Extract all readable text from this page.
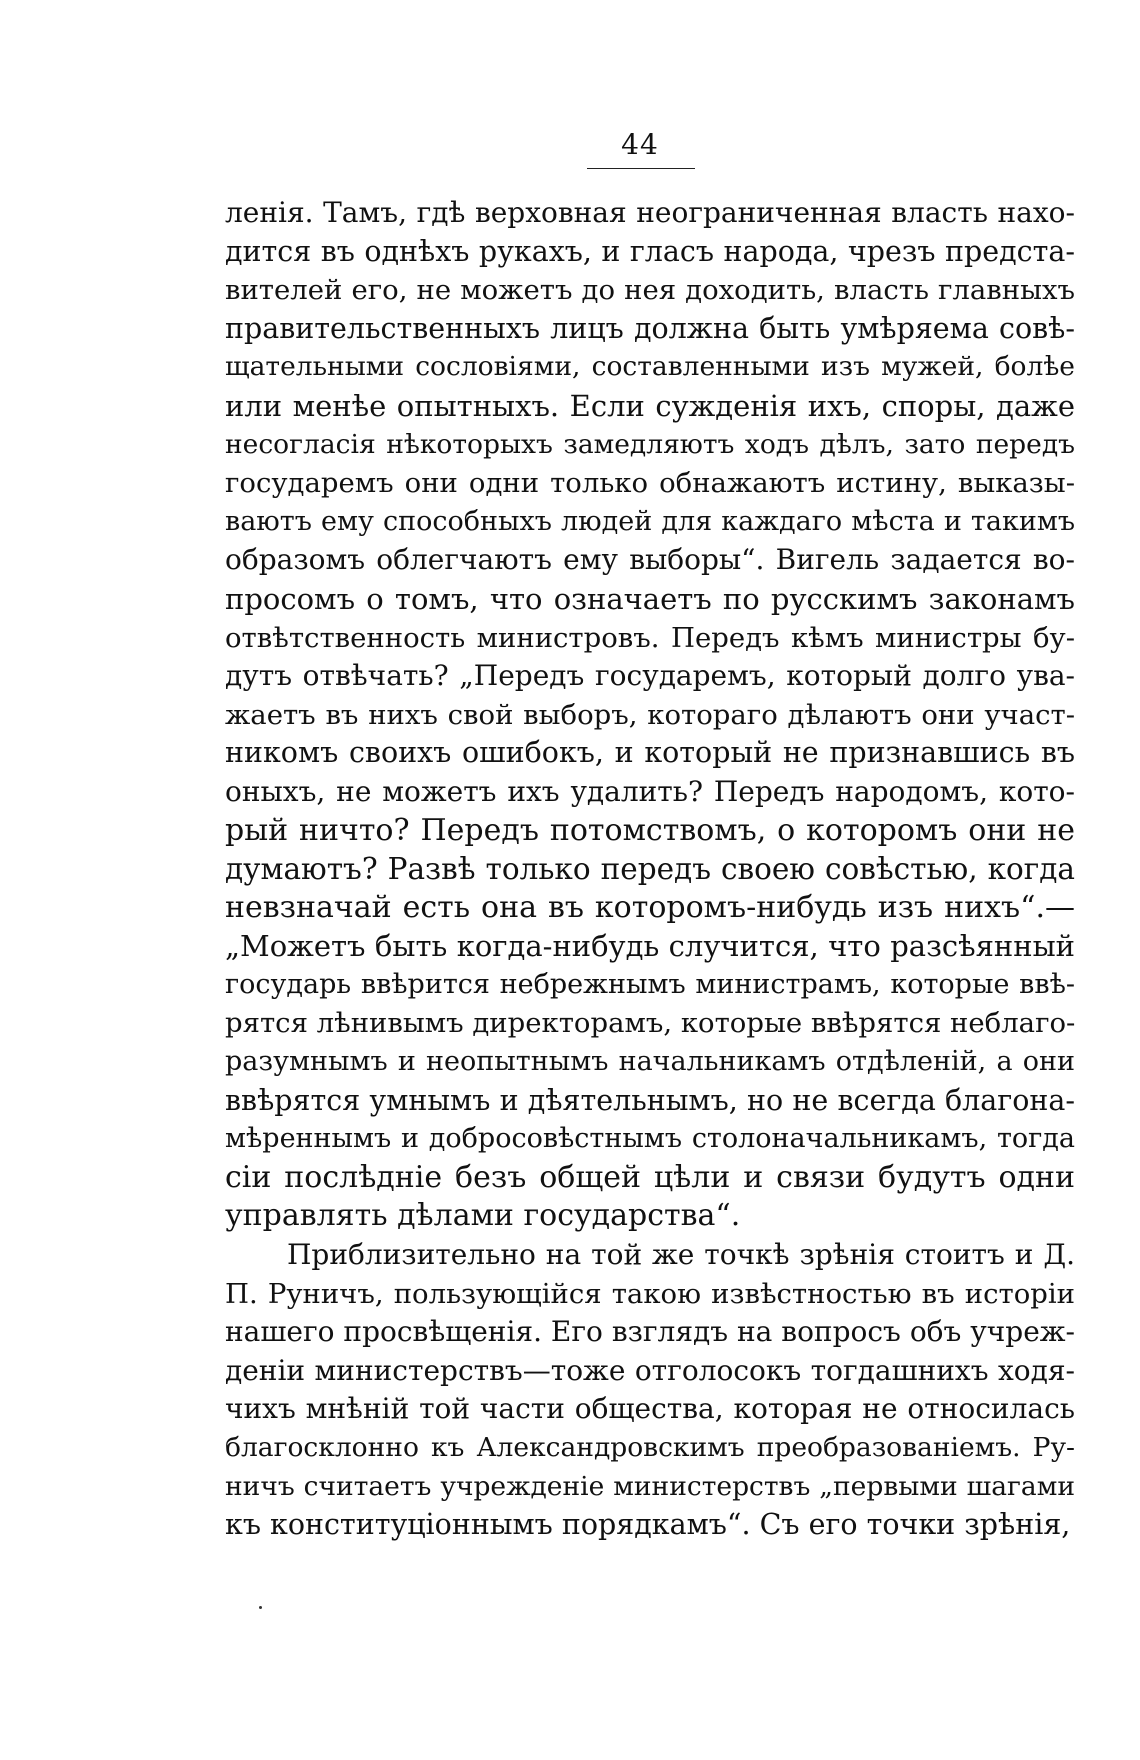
44
ленія. Тамъ, гдѣ верховная неограниченная власть нахо-
дится въ однѣхъ рукахъ, и гласъ народа, чрезъ предста-
вителей его, не можетъ до нея доходить, власть главныхъ
правительственныхъ лицъ должна быть умѣряема совѣ-
щательными сословіями, составленными изъ мужей, болѣе
или менѣе опытныхъ. Если сужденія ихъ, споры, даже
несогласія нѣкоторыхъ замедляютъ ходъ дѣлъ, зато передъ
государемъ они одни только обнажаютъ истину, выказы-
ваютъ ему способныхъ людей для каждаго мѣста и такимъ
образомъ облегчаютъ ему выборы“. Вигель задается во-
просомъ о томъ, что означаетъ по русскимъ законамъ
отвѣтственность министровъ. Передъ кѣмъ министры бу-
дутъ отвѣчать? „Передъ государемъ, который долго ува-
жаетъ въ нихъ свой выборъ, котораго дѣлаютъ они участ-
никомъ своихъ ошибокъ, и который не признавшись въ
оныхъ, не можетъ ихъ удалить? Передъ народомъ, кото-
рый ничто? Передъ потомствомъ, о которомъ они не
думаютъ? Развѣ только передъ своею совѣстью, когда
невзначай есть она въ которомъ-нибудь изъ нихъ“.—
„Можетъ быть когда-нибудь случится, что разсѣянный
государь ввѣрится небрежнымъ министрамъ, которые ввѣ-
рятся лѣнивымъ директорамъ, которые ввѣрятся неблаго-
разумнымъ и неопытнымъ начальникамъ отдѣленій, а они
ввѣрятся умнымъ и дѣятельнымъ, но не всегда благона-
мѣреннымъ и добросовѣстнымъ столоначальникамъ, тогда
сіи послѣдніе безъ общей цѣли и связи будутъ одни
управлять дѣлами государства“.
Приблизительно на той же точкѣ зрѣнія стоитъ и Д.
П. Руничъ, пользующійся такою извѣстностью въ исторіи
нашего просвѣщенія. Его взглядъ на вопросъ объ учреж-
деніи министерствъ—тоже отголосокъ тогдашнихъ ходя-
чихъ мнѣній той части общества, которая не относилась
благосклонно къ Александровскимъ преобразованіемъ. Ру-
ничъ считаетъ учрежденіе министерствъ „первыми шагами
къ конституціоннымъ порядкамъ“. Съ его точки зрѣнія,
